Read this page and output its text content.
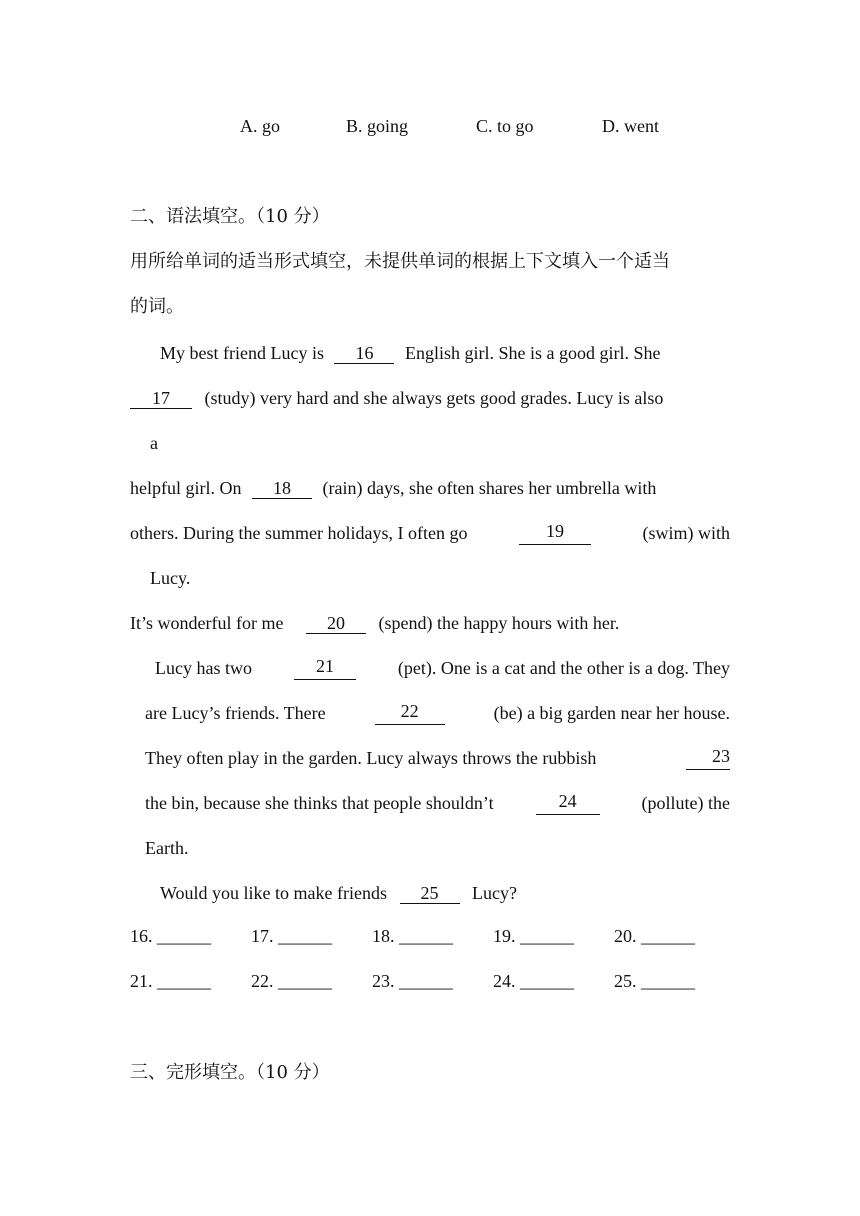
A. go	B. going	C. to go	D. went
二、语法填空。（10 分）
用所给单词的适当形式填空，未提供单词的根据上下文填入一个适当
的词。
My best friend Lucy is 16 English girl. She is a good girl. She
17 (study) very hard and she always gets good grades. Lucy is also
a
helpful girl. On 18 (rain) days, she often shares her umbrella with
others. During the summer holidays, I often go	19	(swim) with
Lucy.
It’s wonderful for me 20 (spend) the happy hours with her.
Lucy has two	21	(pet). One is a cat and the other is a dog. They
are Lucy’s friends. There	22	(be) a big garden near her house.
They often play in the garden. Lucy always throws the rubbish	23
the bin, because she thinks that people shouldn’t	24	(pollute) the
Earth.
Would you like to make friends 25 Lucy?
16. ______ 17. ______ 18. ______ 19. ______ 20. ______
21. ______ 22. ______ 23. ______ 24. ______ 25. ______
三、完形填空。（10 分）
